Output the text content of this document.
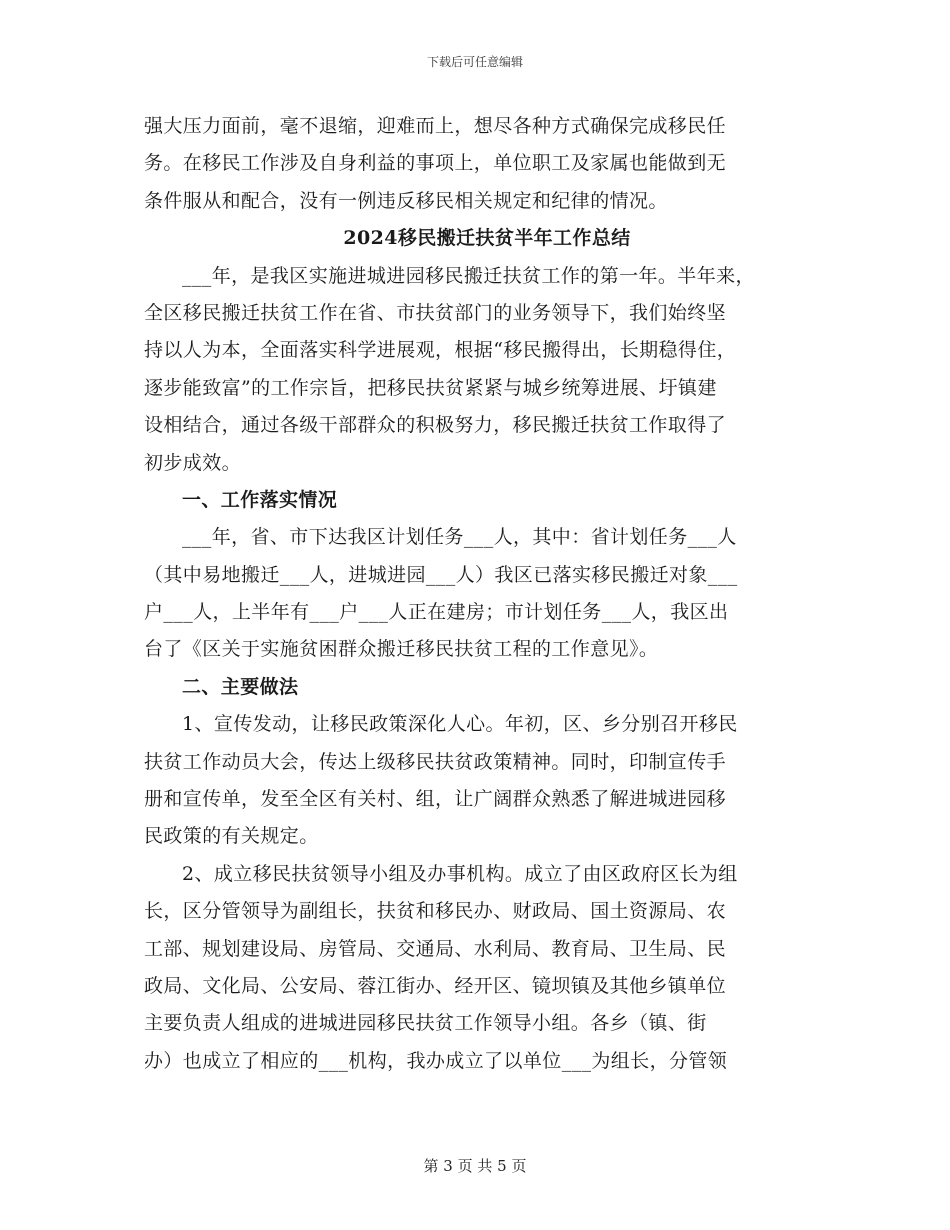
下载后可任意编辑
强大压力面前，毫不退缩，迎难而上，想尽各种方式确保完成移民任
务。在移民工作涉及自身利益的事项上，单位职工及家属也能做到无
条件服从和配合，没有一例违反移民相关规定和纪律的情况。
2024移民搬迁扶贫半年工作总结
___年，是我区实施进城进园移民搬迁扶贫工作的第一年。半年来，
全区移民搬迁扶贫工作在省、市扶贫部门的业务领导下，我们始终坚
持以人为本，全面落实科学进展观，根据“移民搬得出，长期稳得住，
逐步能致富”的工作宗旨，把移民扶贫紧紧与城乡统筹进展、圩镇建
设相结合，通过各级干部群众的积极努力，移民搬迁扶贫工作取得了
初步成效。
一、工作落实情况
___年，省、市下达我区计划任务___人，其中：省计划任务___人
（其中易地搬迁___人，进城进园___人）我区已落实移民搬迁对象___
户___人，上半年有___户___人正在建房；市计划任务___人，我区出
台了《区关于实施贫困群众搬迁移民扶贫工程的工作意见》。
二、主要做法
1、宣传发动，让移民政策深化人心。年初，区、乡分别召开移民
扶贫工作动员大会，传达上级移民扶贫政策精神。同时，印制宣传手
册和宣传单，发至全区有关村、组，让广阔群众熟悉了解进城进园移
民政策的有关规定。
2、成立移民扶贫领导小组及办事机构。成立了由区政府区长为组
长，区分管领导为副组长，扶贫和移民办、财政局、国土资源局、农
工部、规划建设局、房管局、交通局、水利局、教育局、卫生局、民
政局、文化局、公安局、蓉江街办、经开区、镜坝镇及其他乡镇单位
主要负责人组成的进城进园移民扶贫工作领导小组。各乡（镇、街
办）也成立了相应的___机构，我办成立了以单位___为组长，分管领
第 3 页 共 5 页
